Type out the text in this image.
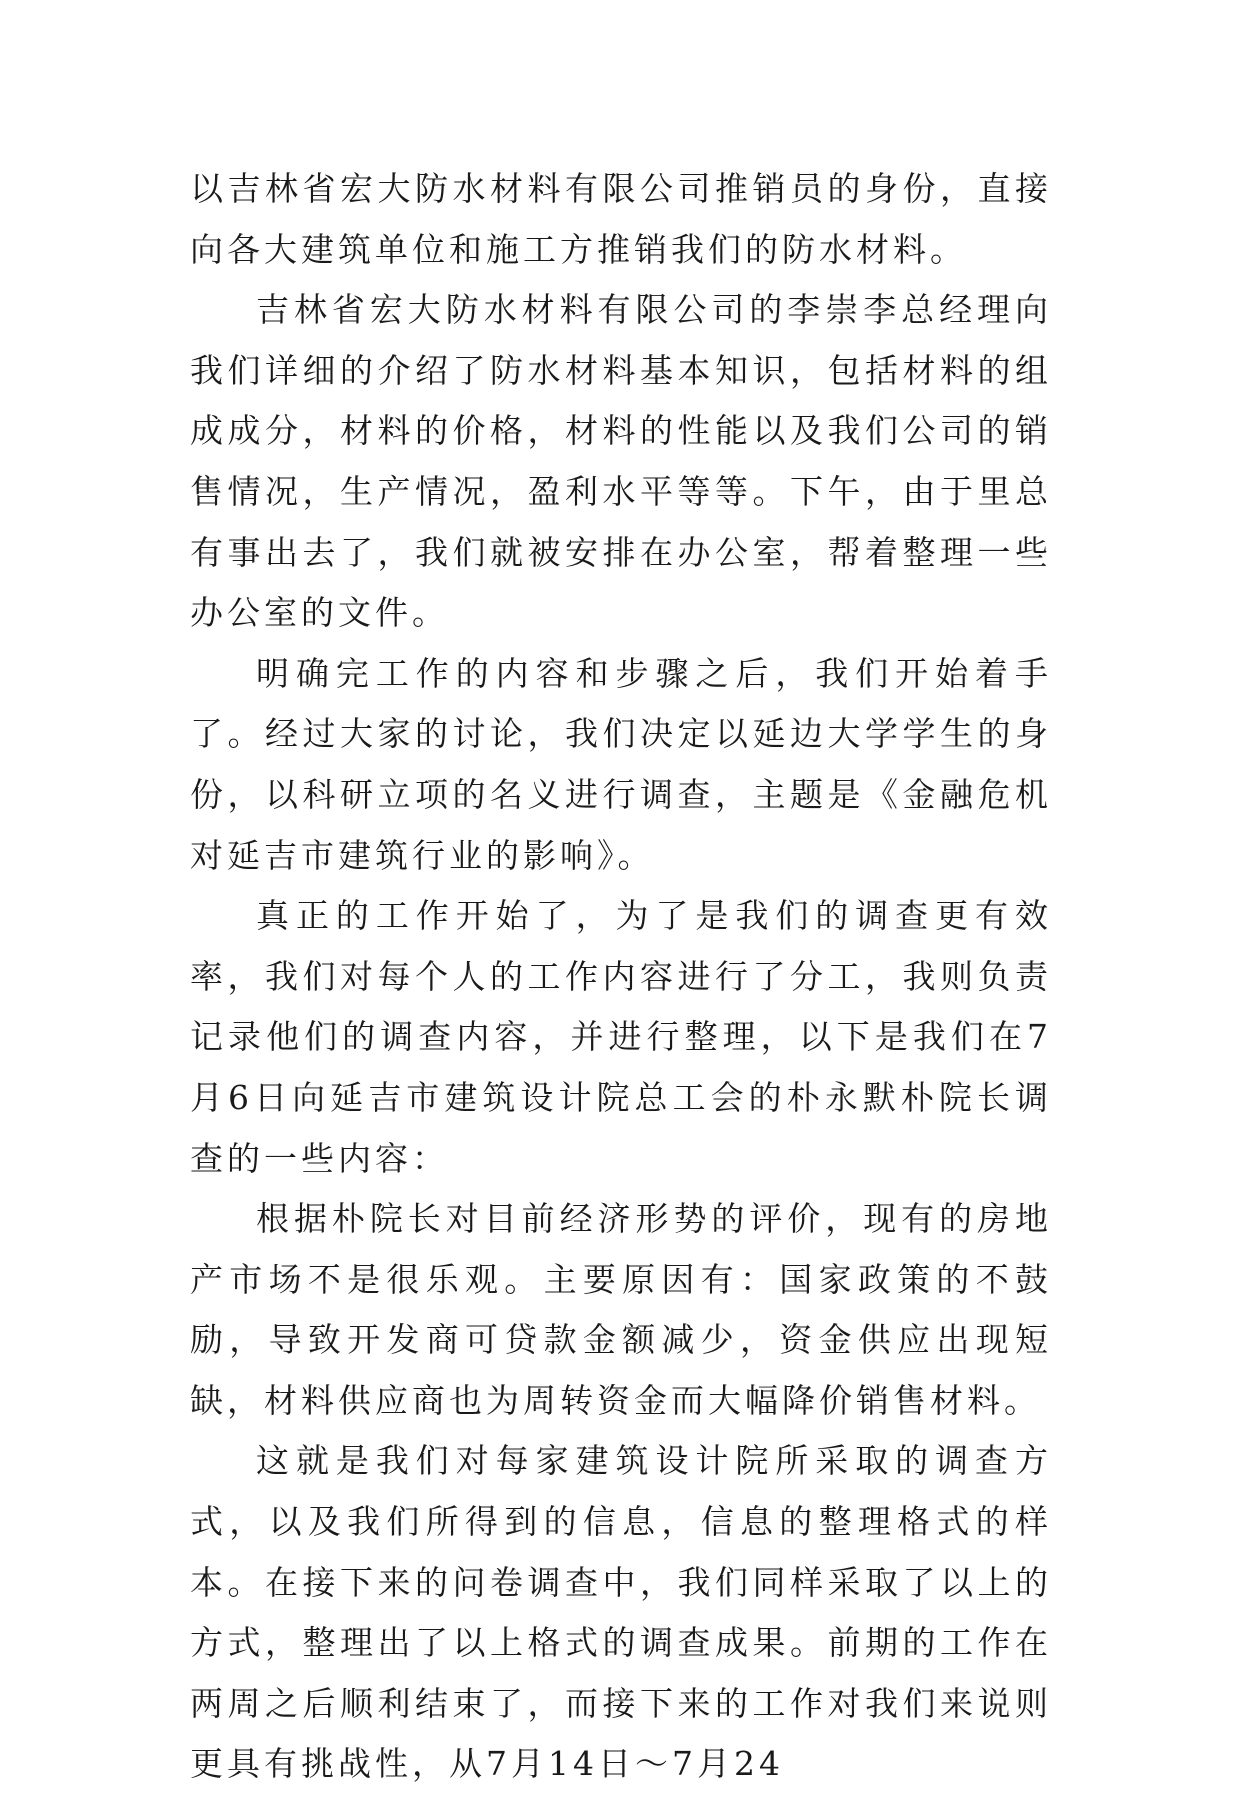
以吉林省宏大防水材料有限公司推销员的身份，直接向各大建筑单位和施工方推销我们的防水材料。

吉林省宏大防水材料有限公司的李崇李总经理向我们详细的介绍了防水材料基本知识，包括材料的组成成分，材料的价格，材料的性能以及我们公司的销售情况，生产情况，盈利水平等等。下午，由于里总有事出去了，我们就被安排在办公室，帮着整理一些办公室的文件。

明确完工作的内容和步骤之后，我们开始着手了。经过大家的讨论，我们决定以延边大学学生的身份，以科研立项的名义进行调查，主题是《金融危机对延吉市建筑行业的影响》。

真正的工作开始了，为了是我们的调查更有效率，我们对每个人的工作内容进行了分工，我则负责记录他们的调查内容，并进行整理，以下是我们在7月6日向延吉市建筑设计院总工会的朴永默朴院长调查的一些内容：

根据朴院长对目前经济形势的评价，现有的房地产市场不是很乐观。主要原因有：国家政策的不鼓励，导致开发商可贷款金额减少，资金供应出现短缺，材料供应商也为周转资金而大幅降价销售材料。

这就是我们对每家建筑设计院所采取的调查方式，以及我们所得到的信息，信息的整理格式的样本。在接下来的问卷调查中，我们同样采取了以上的方式，整理出了以上格式的调查成果。前期的工作在两周之后顺利结束了，而接下来的工作对我们来说则更具有挑战性，从7月14日～7月24
